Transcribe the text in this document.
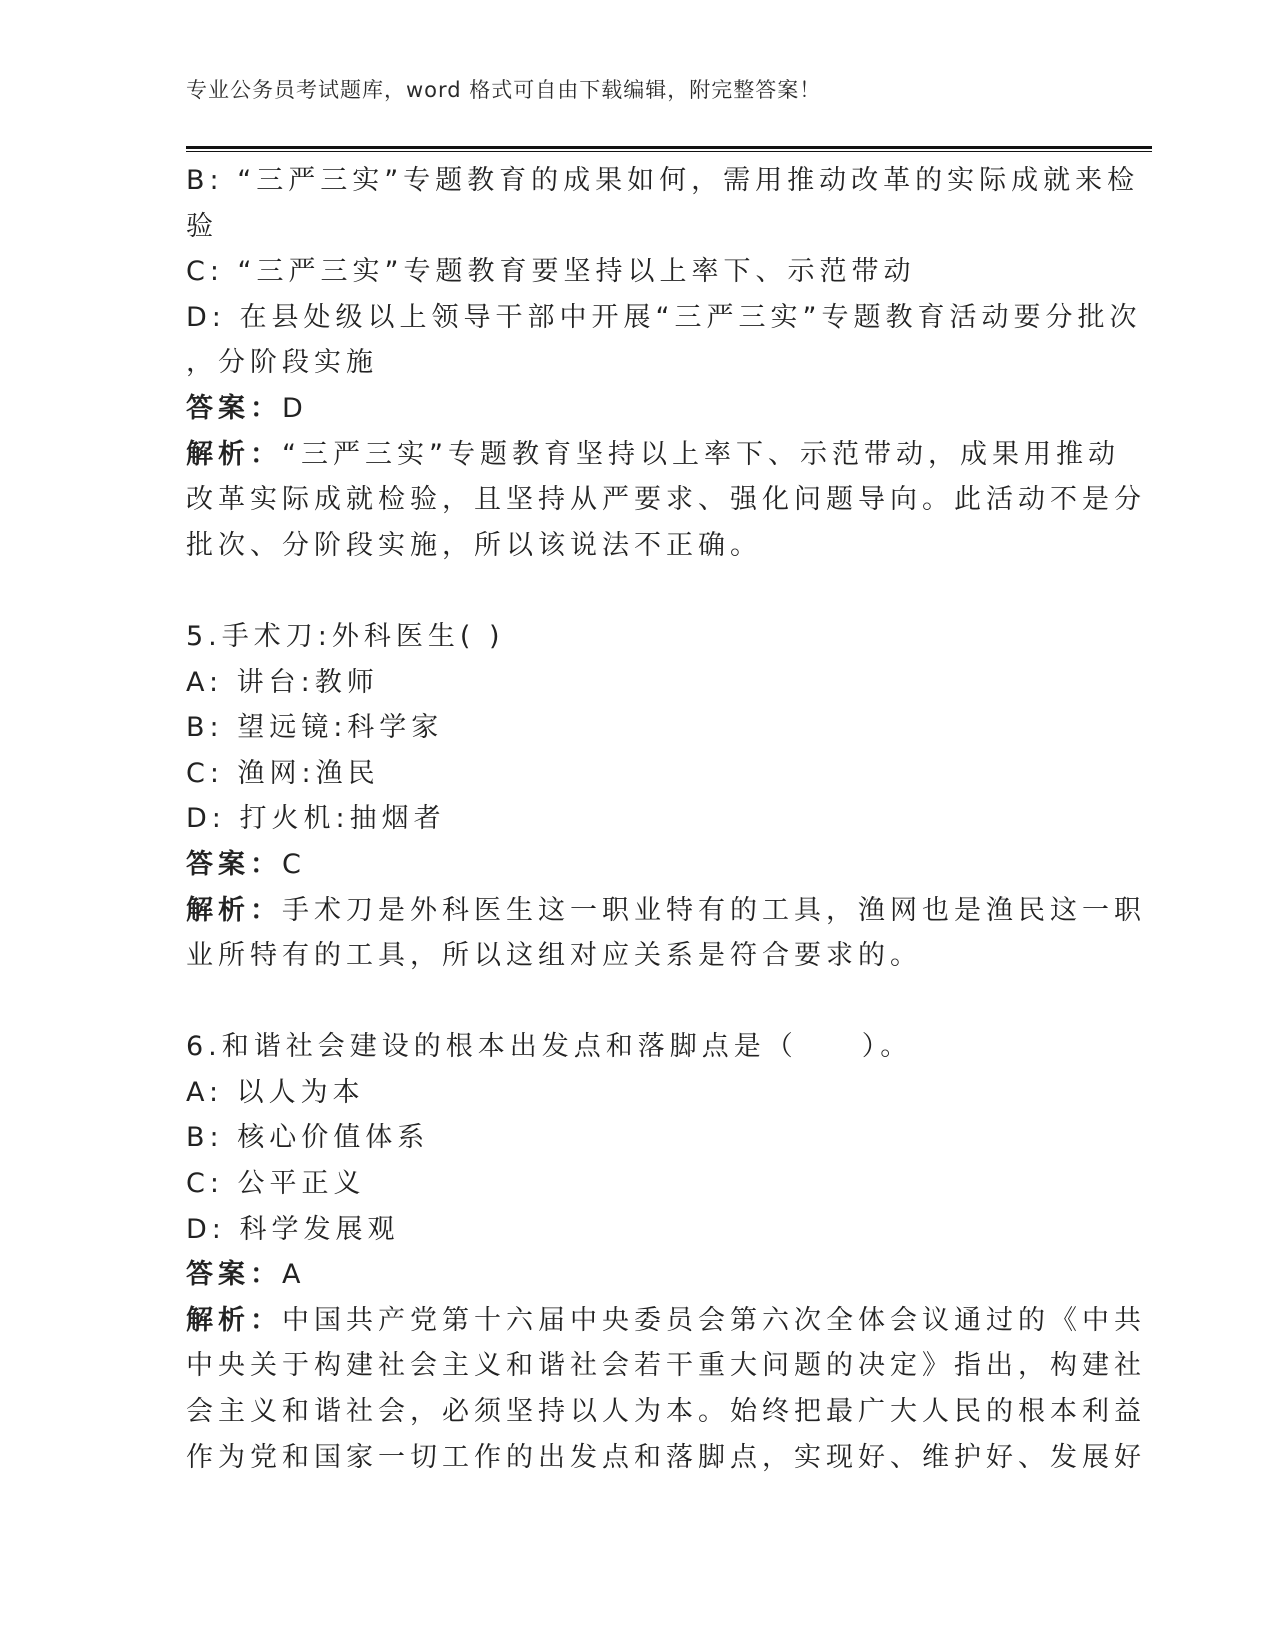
专业公务员考试题库，word 格式可自由下载编辑，附完整答案！
B: “三严三实”专题教育的成果如何，需用推动改革的实际成就来检
验
C: “三严三实”专题教育要坚持以上率下、示范带动
D: 在县处级以上领导干部中开展“三严三实”专题教育活动要分批次
，分阶段实施
答案：D
解析：“三严三实”专题教育坚持以上率下、示范带动，成果用推动
改革实际成就检验，且坚持从严要求、强化问题导向。此活动不是分
批次、分阶段实施，所以该说法不正确。
5.手术刀:外科医生( )
A: 讲台:教师
B: 望远镜:科学家
C: 渔网:渔民
D: 打火机:抽烟者
答案：C
解析：手术刀是外科医生这一职业特有的工具，渔网也是渔民这一职
业所特有的工具，所以这组对应关系是符合要求的。
6.和谐社会建设的根本出发点和落脚点是（　　）。
A: 以人为本
B: 核心价值体系
C: 公平正义
D: 科学发展观
答案：A
解析：中国共产党第十六届中央委员会第六次全体会议通过的《中共
中央关于构建社会主义和谐社会若干重大问题的决定》指出，构建社
会主义和谐社会，必须坚持以人为本。始终把最广大人民的根本利益
作为党和国家一切工作的出发点和落脚点，实现好、维护好、发展好
